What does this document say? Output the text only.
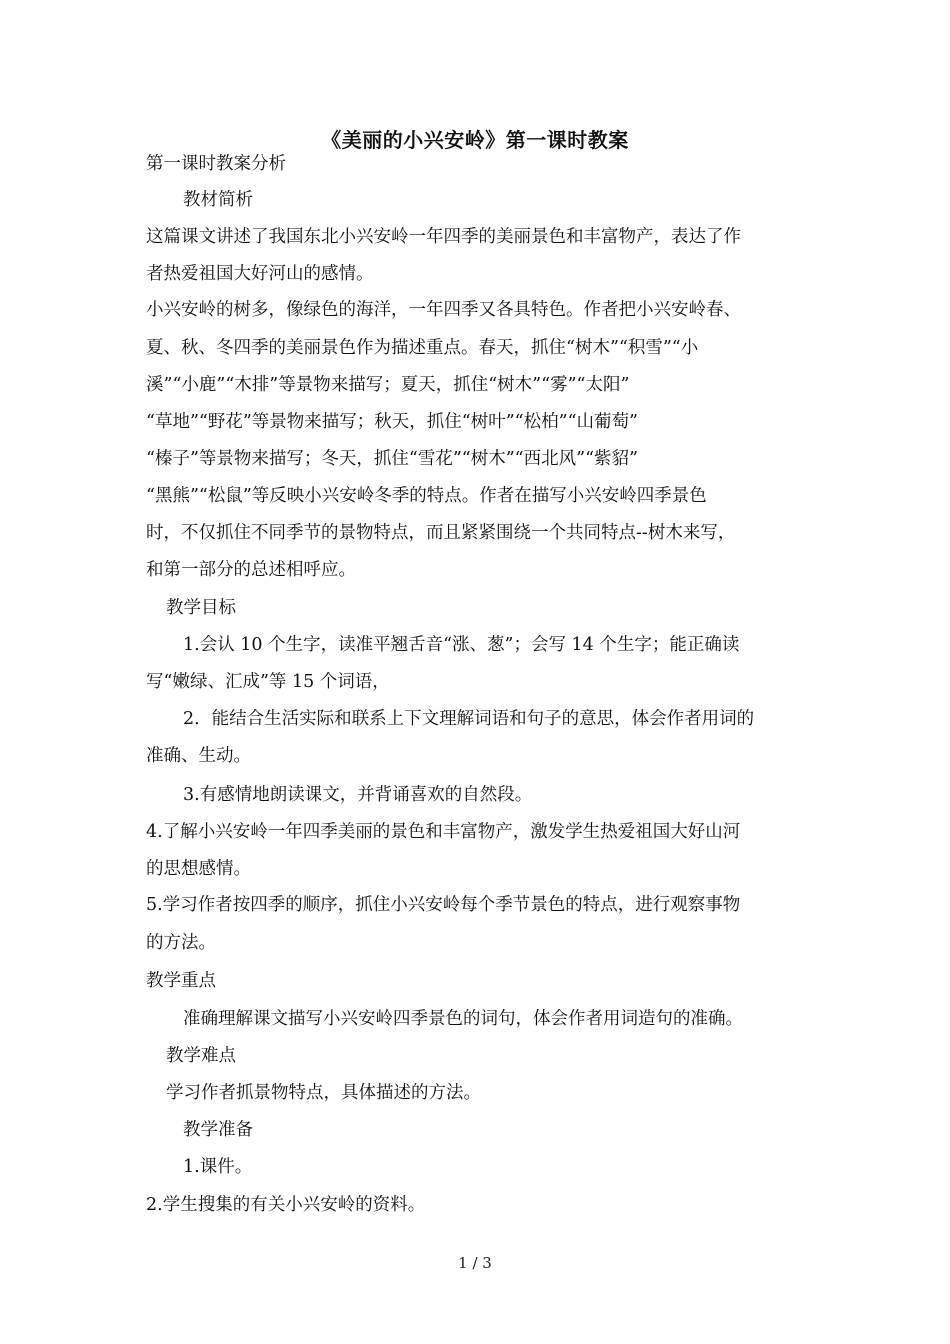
《美丽的小兴安岭》第一课时教案
第一课时教案分析
教材简析
这篇课文讲述了我国东北小兴安岭一年四季的美丽景色和丰富物产，表达了作
者热爱祖国大好河山的感情。
小兴安岭的树多，像绿色的海洋，一年四季又各具特色。作者把小兴安岭春、
夏、秋、冬四季的美丽景色作为描述重点。春天，抓住“树木”“积雪”“小
溪”“小鹿”“木排”等景物来描写；夏天，抓住“树木”“雾”“太阳”
“草地”“野花”等景物来描写；秋天，抓住“树叶”“松柏”“山葡萄”
“榛子”等景物来描写；冬天，抓住“雪花”“树木”“西北风”“紫貂”
“黑熊”“松鼠”等反映小兴安岭冬季的特点。作者在描写小兴安岭四季景色
时，不仅抓住不同季节的景物特点，而且紧紧围绕一个共同特点--树木来写，
和第一部分的总述相呼应。
教学目标
1.会认 10 个生字，读准平翘舌音“涨、葱”；会写 14 个生字；能正确读
写“嫩绿、汇成”等 15 个词语，
2．能结合生活实际和联系上下文理解词语和句子的意思，体会作者用词的
准确、生动。
3.有感情地朗读课文，并背诵喜欢的自然段。
4.了解小兴安岭一年四季美丽的景色和丰富物产，激发学生热爱祖国大好山河
的思想感情。
5.学习作者按四季的顺序，抓住小兴安岭每个季节景色的特点，进行观察事物
的方法。
教学重点
准确理解课文描写小兴安岭四季景色的词句，体会作者用词造句的准确。
教学难点
学习作者抓景物特点，具体描述的方法。
教学准备
1.课件。
2.学生搜集的有关小兴安岭的资料。
1 / 3
